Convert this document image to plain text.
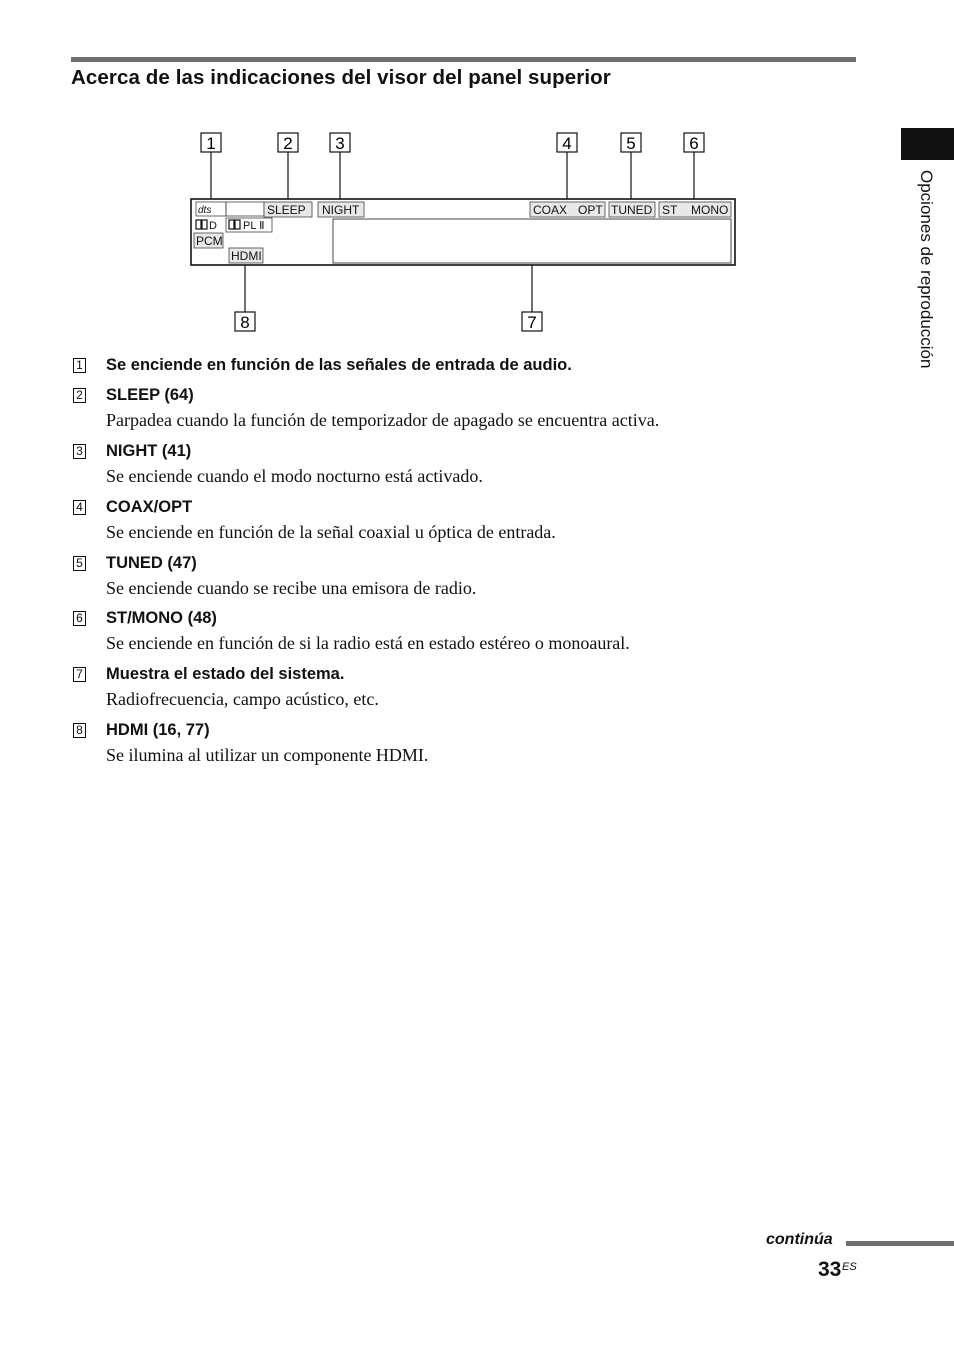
Acerca de las indicaciones del visor del panel superior
Opciones de reproducción
1	2	3	4	5	6
7
8
dts	SLEEP NIGHT	COAX OPT TUNED ST MONO
D PL Ⅱ
PCM
HDMI
1 Se enciende en función de las señales de entrada de audio.
2 SLEEP (64)
Parpadea cuando la función de temporizador de apagado se encuentra activa.
3 NIGHT (41)
Se enciende cuando el modo nocturno está activado.
4 COAX/OPT
Se enciende en función de la señal coaxial u óptica de entrada.
5 TUNED (47)
Se enciende cuando se recibe una emisora de radio.
6 ST/MONO (48)
Se enciende en función de si la radio está en estado estéreo o monoaural.
7 Muestra el estado del sistema.
Radiofrecuencia, campo acústico, etc.
8 HDMI (16, 77)
Se ilumina al utilizar un componente HDMI.
continúa
33 ES
